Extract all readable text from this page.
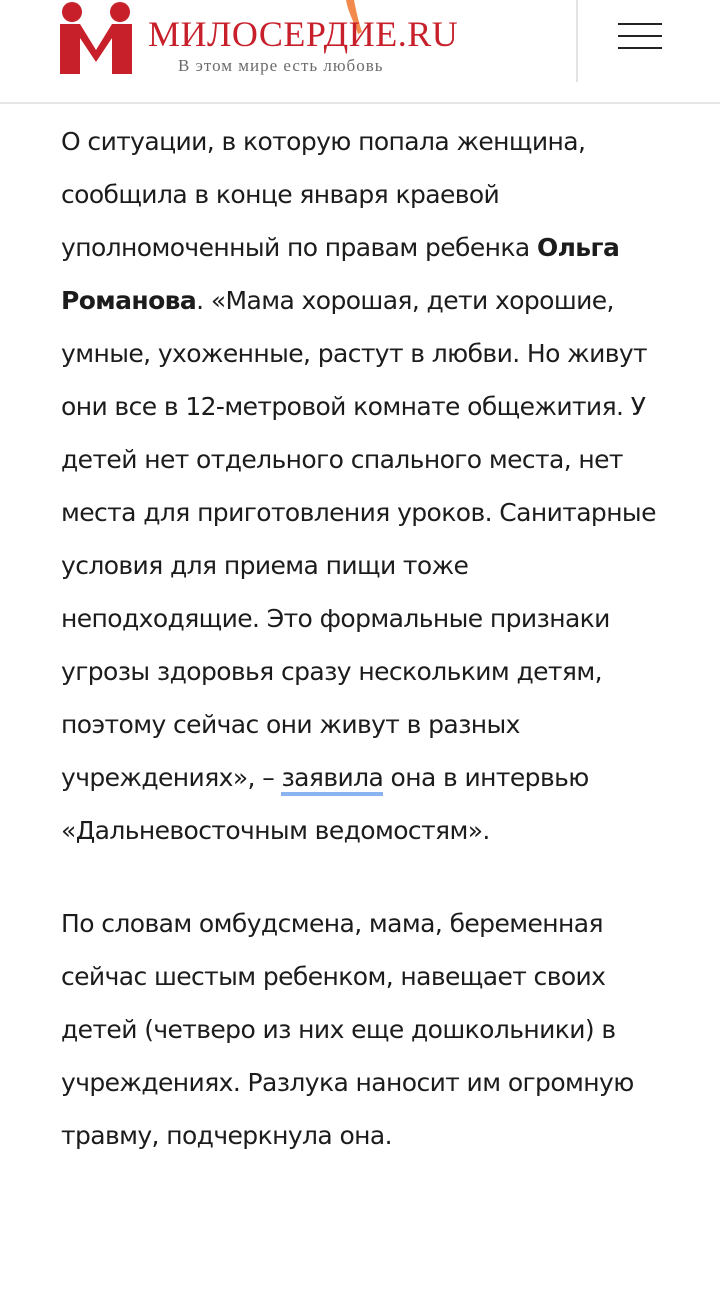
МИЛОСЕРДИЕ.RU
В этом мире есть любовь

О ситуации, в которую попала женщина, сообщила в конце января краевой уполномоченный по правам ребенка Ольга Романова. «Мама хорошая, дети хорошие, умные, ухоженные, растут в любви. Но живут они все в 12-метровой комнате общежития. У детей нет отдельного спального места, нет места для приготовления уроков. Санитарные условия для приема пищи тоже неподходящие. Это формальные признаки угрозы здоровья сразу нескольким детям, поэтому сейчас они живут в разных учреждениях», – заявила она в интервью «Дальневосточным ведомостям».

По словам омбудсмена, мама, беременная сейчас шестым ребенком, навещает своих детей (четверо из них еще дошкольники) в учреждениях. Разлука наносит им огромную травму, подчеркнула она.
